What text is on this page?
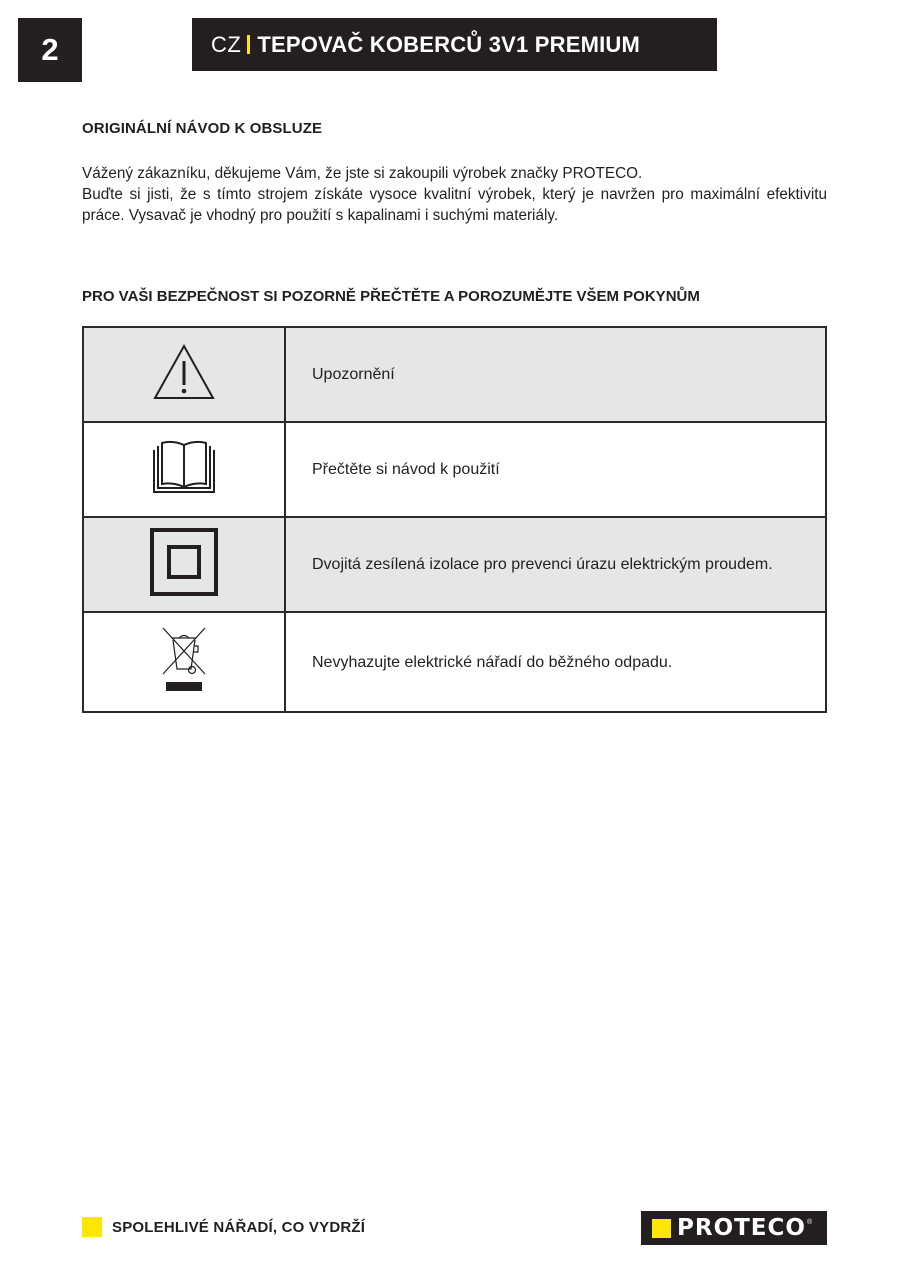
2	CZ TEPOVAČ KOBERCŮ 3V1 PREMIUM
ORIGINÁLNÍ NÁVOD K OBSLUZE

Vážený zákazníku, děkujeme Vám, že jste si zakoupili výrobek značky PROTECO.

Buďte si jisti, že s tímto strojem získáte vysoce kvalitní výrobek, který je navržen pro maximální efektivitu práce. Vysavač je vhodný pro použití s kapalinami i suchými materiály.

PRO VAŠI BEZPEČNOST SI POZORNĚ PŘEČTĚTE A POROZUMĚJTE VŠEM POKYNŮM
	Upozornění
	Přečtěte si návod k použití
	Dvojitá zesílená izolace pro prevenci úrazu elektrickým proudem.
	Nevyhazujte elektrické nářadí do běžného odpadu.
SPOLEHLIVÉ NÁŘADÍ, CO VYDRŽÍ	PROTECO ®
